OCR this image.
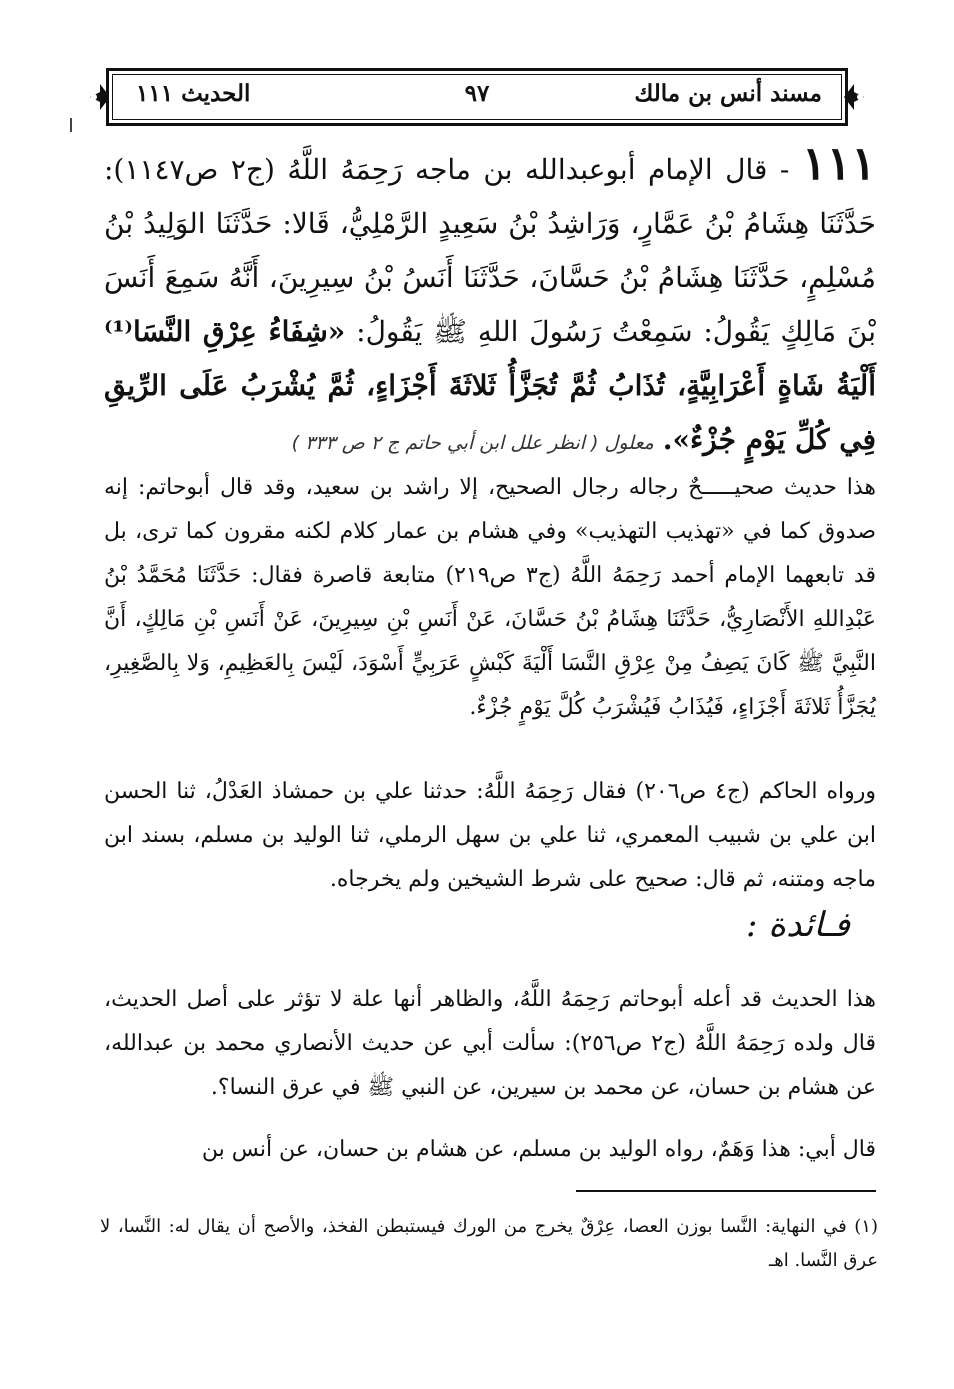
مسند أنس بن مالك
٩٧
الحديث ١١١
١١١ - قال الإمام أبوعبدالله بن ماجه رَحِمَهُ اللَّهُ (ج٢ ص١١٤٧): حَدَّثَنَا هِشَامُ بْنُ عَمَّارٍ، وَرَاشِدُ بْنُ سَعِيدٍ الرَّمْلِيُّ، قَالا: حَدَّثَنَا الوَلِيدُ بْنُ مُسْلِمٍ، حَدَّثَنَا هِشَامُ بْنُ حَسَّانَ، حَدَّثَنَا أَنَسُ بْنُ سِيرِينَ، أَنَّهُ سَمِعَ أَنَسَ بْنَ مَالِكٍ يَقُولُ: سَمِعْتُ رَسُولَ اللهِ ﷺ يَقُولُ: «شِفَاءُ عِرْقِ النَّسَا⁽¹⁾ أَلْيَةُ شَاةٍ أَعْرَابِيَّةٍ، تُذَابُ ثُمَّ تُجَزَّأُ ثَلاثَةَ أَجْزَاءٍ، ثُمَّ يُشْرَبُ عَلَى الرِّيقِ فِي كُلِّ يَوْمٍ جُزْءٌ». معلول ( انظر علل ابن أبي حاتم ج ٢ ص ٣٣٣ )
هذا حديث صحيـــــحٌ رجاله رجال الصحيح، إلا راشد بن سعيد، وقد قال أبوحاتم: إنه صدوق كما في «تهذيب التهذيب» وفي هشام بن عمار كلام لكنه مقرون كما ترى، بل قد تابعهما الإمام أحمد رَحِمَهُ اللَّهُ (ج٣ ص٢١٩) متابعة قاصرة فقال: حَدَّثَنَا مُحَمَّدُ بْنُ عَبْدِاللهِ الأَنْصَارِيُّ، حَدَّثَنَا هِشَامُ بْنُ حَسَّانَ، عَنْ أَنَسِ بْنِ سِيرِينَ، عَنْ أَنَسِ بْنِ مَالِكٍ، أَنَّ النَّبِيَّ ﷺ كَانَ يَصِفُ مِنْ عِرْقِ النَّسَا أَلْيَةَ كَبْشٍ عَرَبِيٍّ أَسْوَدَ، لَيْسَ بِالعَظِيمِ، وَلا بِالصَّغِيرِ، يُجَزَّأُ ثَلاثَةَ أَجْزَاءٍ، فَيُذَابُ فَيُشْرَبُ كُلَّ يَوْمٍ جُزْءٌ.
ورواه الحاكم (ج٤ ص٢٠٦) فقال رَحِمَهُ اللَّهُ: حدثنا علي بن حمشاذ العَدْلُ، ثنا الحسن ابن علي بن شبيب المعمري، ثنا علي بن سهل الرملي، ثنا الوليد بن مسلم، بسند ابن ماجه ومتنه، ثم قال: صحيح على شرط الشيخين ولم يخرجاه.
فـائدة :
هذا الحديث قد أعله أبوحاتم رَحِمَهُ اللَّهُ، والظاهر أنها علة لا تؤثر على أصل الحديث، قال ولده رَحِمَهُ اللَّهُ (ج٢ ص٢٥٦): سألت أبي عن حديث الأنصاري محمد بن عبدالله، عن هشام بن حسان، عن محمد بن سيرين، عن النبي ﷺ في عرق النسا؟.
قال أبي: هذا وَهَمٌ، رواه الوليد بن مسلم، عن هشام بن حسان، عن أنس بن
(١) في النهاية: النَّسا بوزن العصا، عِرْقٌ يخرج من الورك فيستبطن الفخذ، والأصح أن يقال له: النَّسا، لا عرق النَّسا. اهـ
